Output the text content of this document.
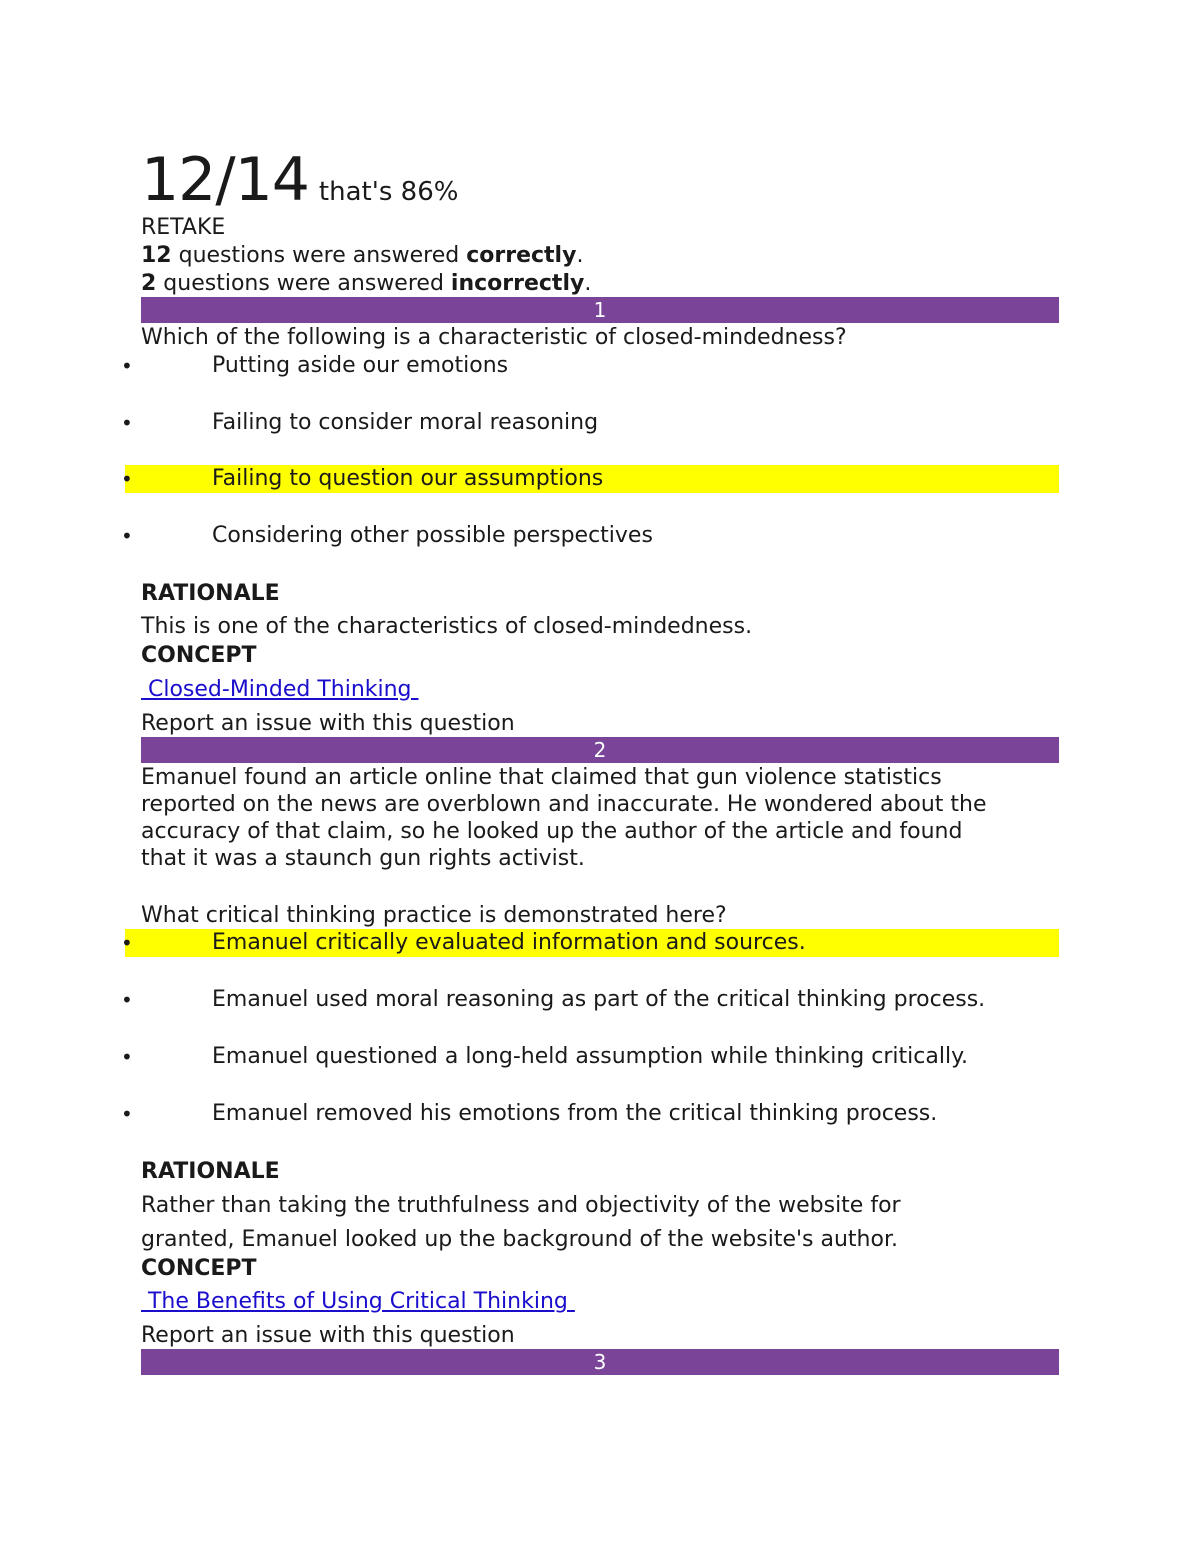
12/14 that's 86%
RETAKE
12 questions were answered correctly.
2 questions were answered incorrectly.
1
Which of the following is a characteristic of closed-mindedness?
•	Putting aside our emotions
•	Failing to consider moral reasoning
•	Failing to question our assumptions
•	Considering other possible perspectives
RATIONALE
This is one of the characteristics of closed-mindedness.
CONCEPT
Closed-Minded Thinking
Report an issue with this question
2
Emanuel found an article online that claimed that gun violence statistics
reported on the news are overblown and inaccurate. He wondered about the
accuracy of that claim, so he looked up the author of the article and found
that it was a staunch gun rights activist.
What critical thinking practice is demonstrated here?
•	Emanuel critically evaluated information and sources.
•	Emanuel used moral reasoning as part of the critical thinking process.
•	Emanuel questioned a long-held assumption while thinking critically.
•	Emanuel removed his emotions from the critical thinking process.
RATIONALE
Rather than taking the truthfulness and objectivity of the website for
granted, Emanuel looked up the background of the website's author.
CONCEPT
The Benefits of Using Critical Thinking
Report an issue with this question
3
